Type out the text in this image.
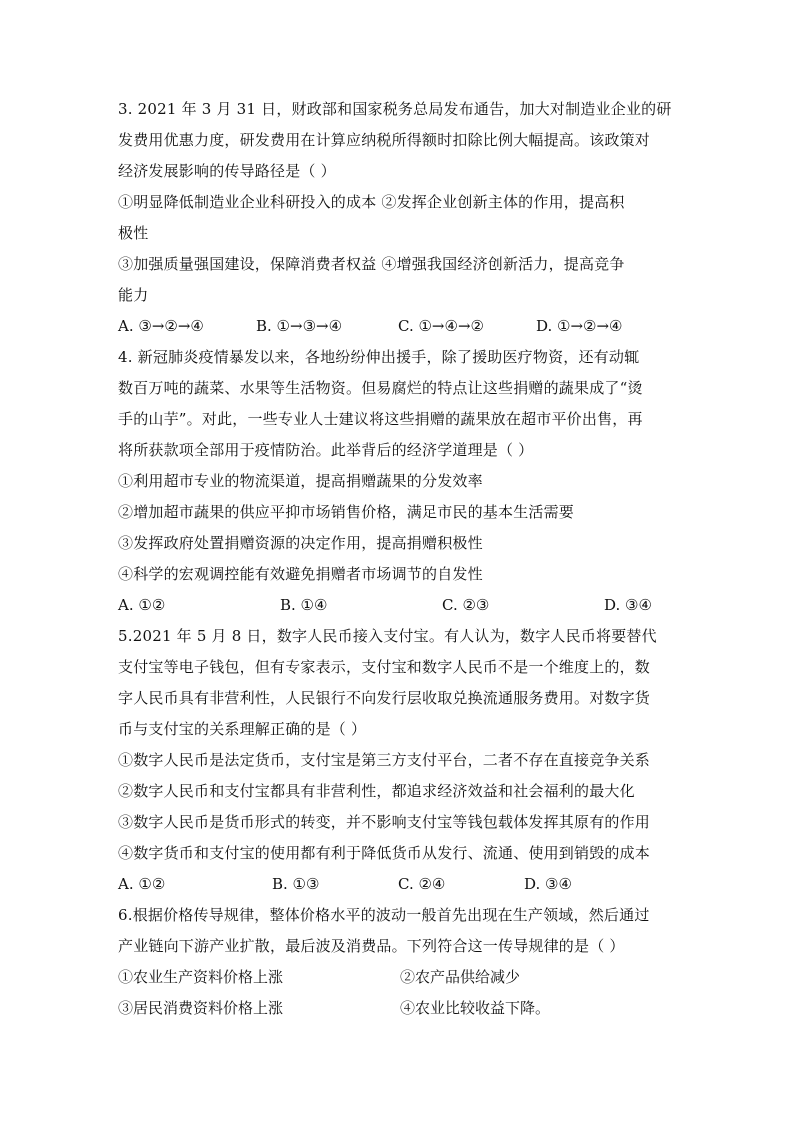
3. 2021 年 3 月 31 日，财政部和国家税务总局发布通告，加大对制造业企业的研
发费用优惠力度，研发费用在计算应纳税所得额时扣除比例大幅提高。该政策对
经济发展影响的传导路径是（ ）
①明显降低制造业企业科研投入的成本 ②发挥企业创新主体的作用，提高积
极性
③加强质量强国建设，保障消费者权益 ④增强我国经济创新活力，提高竞争
能力
A. ③→②→④	B. ①→③→④	C. ①→④→②	D. ①→②→④
4. 新冠肺炎疫情暴发以来，各地纷纷伸出援手，除了援助医疗物资，还有动辄
数百万吨的蔬菜、水果等生活物资。但易腐烂的特点让这些捐赠的蔬果成了“烫
手的山芋”。对此，一些专业人士建议将这些捐赠的蔬果放在超市平价出售，再
将所获款项全部用于疫情防治。此举背后的经济学道理是（ ）
①利用超市专业的物流渠道，提高捐赠蔬果的分发效率
②增加超市蔬果的供应平抑市场销售价格，满足市民的基本生活需要
③发挥政府处置捐赠资源的决定作用，提高捐赠积极性
④科学的宏观调控能有效避免捐赠者市场调节的自发性
A. ①②	B. ①④	C. ②③	D. ③④
5.2021 年 5 月 8 日，数字人民币接入支付宝。有人认为，数字人民币将要替代
支付宝等电子钱包，但有专家表示，支付宝和数字人民币不是一个维度上的，数
字人民币具有非营利性，人民银行不向发行层收取兑换流通服务费用。对数字货
币与支付宝的关系理解正确的是（ ）
①数字人民币是法定货币，支付宝是第三方支付平台，二者不存在直接竞争关系
②数字人民币和支付宝都具有非营利性，都追求经济效益和社会福利的最大化
③数字人民币是货币形式的转变，并不影响支付宝等钱包载体发挥其原有的作用
④数字货币和支付宝的使用都有利于降低货币从发行、流通、使用到销毁的成本
A. ①②	B. ①③	C. ②④	D. ③④
6.根据价格传导规律，整体价格水平的波动一般首先出现在生产领域，然后通过
产业链向下游产业扩散，最后波及消费品。下列符合这一传导规律的是（ ）
①农业生产资料价格上涨	②农产品供给减少
③居民消费资料价格上涨	④农业比较收益下降。
